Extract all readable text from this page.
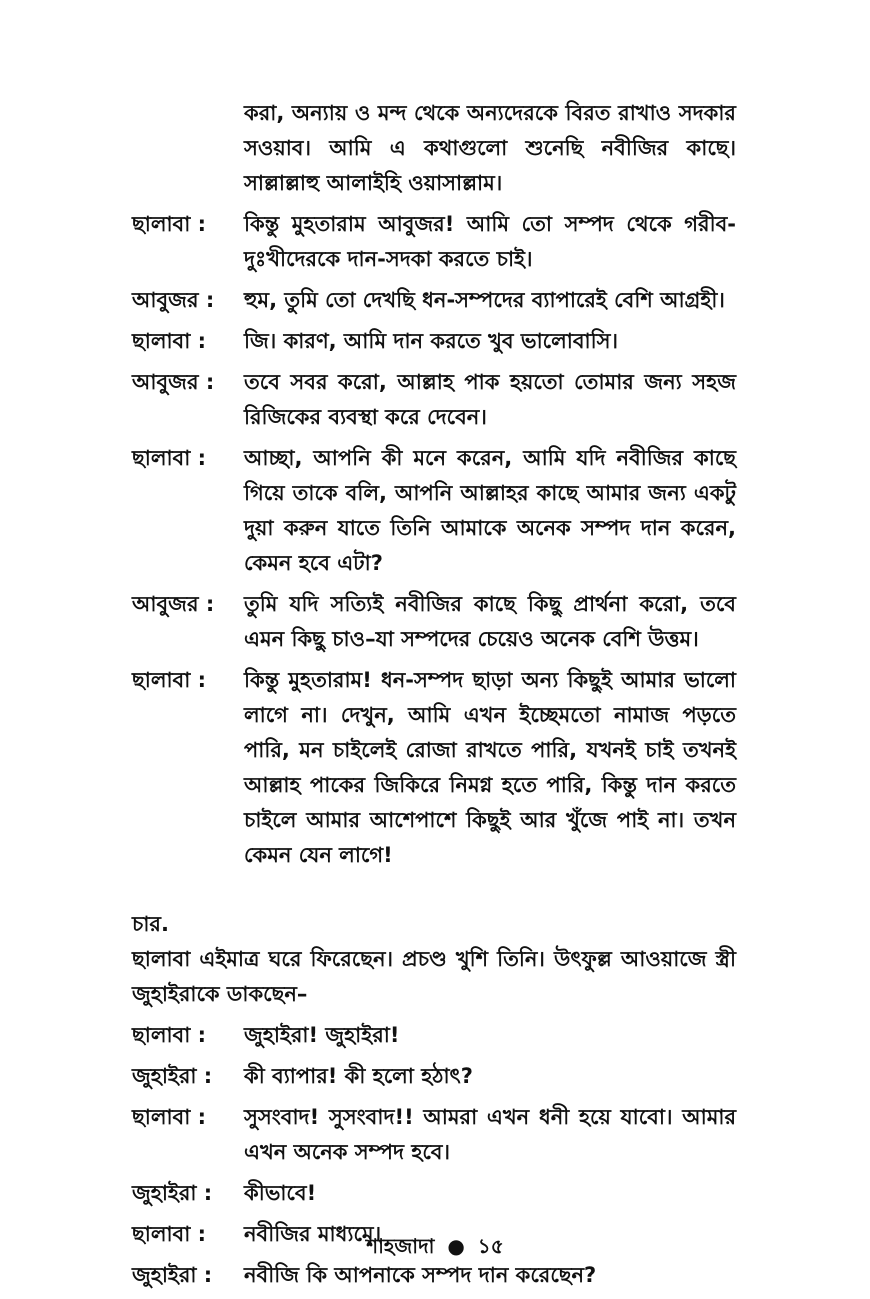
করা, অন্যায় ও মন্দ থেকে অন্যদেরকে বিরত রাখাও সদকার সওয়াব। আমি এ কথাগুলো শুনেছি নবীজির কাছে। সাল্লাল্লাহু আলাইহি ওয়াসাল্লাম।
ছালাবা :	কিন্তু মুহতারাম আবুজর! আমি তো সম্পদ থেকে গরীব-দুঃখীদেরকে দান-সদকা করতে চাই।
আবুজর :	হুম, তুমি তো দেখছি ধন-সম্পদের ব্যাপারেই বেশি আগ্রহী।
ছালাবা :	জি। কারণ, আমি দান করতে খুব ভালোবাসি।
আবুজর :	তবে সবর করো, আল্লাহ পাক হয়তো তোমার জন্য সহজ রিজিকের ব্যবস্থা করে দেবেন।
ছালাবা :	আচ্ছা, আপনি কী মনে করেন, আমি যদি নবীজির কাছে গিয়ে তাকে বলি, আপনি আল্লাহর কাছে আমার জন্য একটু দুয়া করুন যাতে তিনি আমাকে অনেক সম্পদ দান করেন, কেমন হবে এটা?
আবুজর :	তুমি যদি সত্যিই নবীজির কাছে কিছু প্রার্থনা করো, তবে এমন কিছু চাও–যা সম্পদের চেয়েও অনেক বেশি উত্তম।
ছালাবা :	কিন্তু মুহতারাম! ধন-সম্পদ ছাড়া অন্য কিছুই আমার ভালো লাগে না। দেখুন, আমি এখন ইচ্ছেমতো নামাজ পড়তে পারি, মন চাইলেই রোজা রাখতে পারি, যখনই চাই তখনই আল্লাহ পাকের জিকিরে নিমগ্ন হতে পারি, কিন্তু দান করতে চাইলে আমার আশেপাশে কিছুই আর খুঁজে পাই না। তখন কেমন যেন লাগে!
চার.
ছালাবা এইমাত্র ঘরে ফিরেছেন। প্রচণ্ড খুশি তিনি। উৎফুল্ল আওয়াজে স্ত্রী জুহাইরাকে ডাকছেন–
ছালাবা :	জুহাইরা! জুহাইরা!
জুহাইরা :	কী ব্যাপার! কী হলো হঠাৎ?
ছালাবা :	সুসংবাদ! সুসংবাদ!! আমরা এখন ধনী হয়ে যাবো। আমার এখন অনেক সম্পদ হবে।
জুহাইরা :	কীভাবে!
ছালাবা :	নবীজির মাধ্যমে।
জুহাইরা :	নবীজি কি আপনাকে সম্পদ দান করেছেন?
শাহজাদা ● ১৫
